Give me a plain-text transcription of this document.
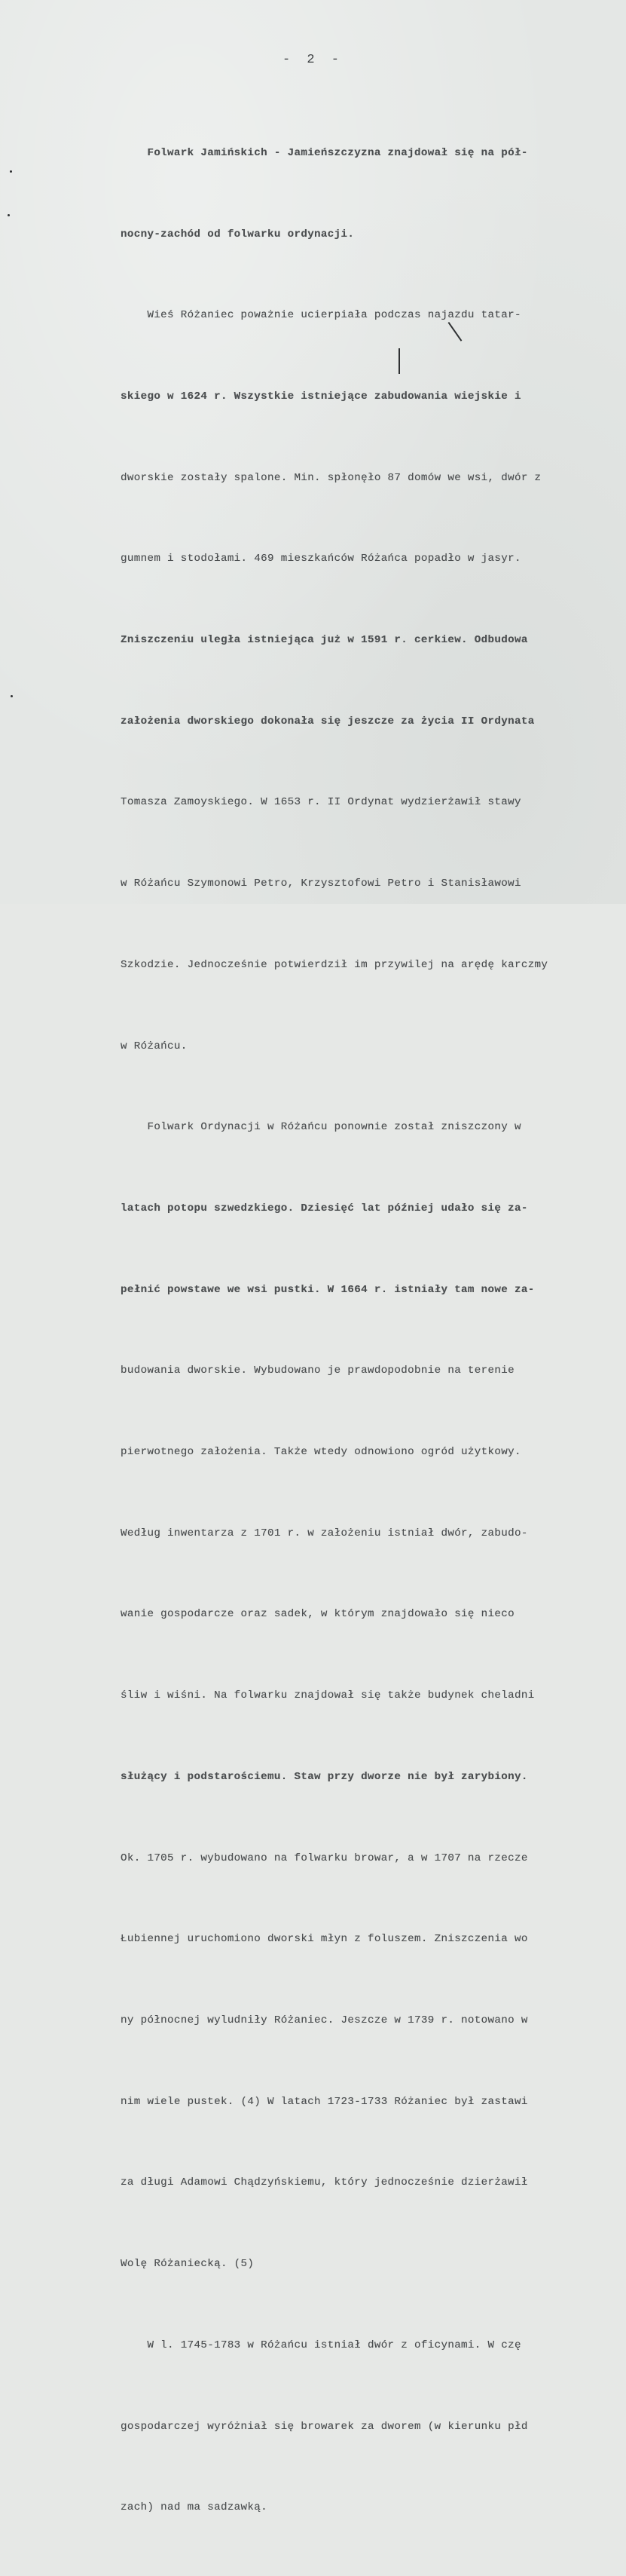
- 2 -

Folwark Jamińskich - Jamieńszczyzna znajdował się na pół-

nocny-zachód od folwarku ordynacji.

Wieś Różaniec poważnie ucierpiała podczas najazdu tatar-

skiego w 1624 r. Wszystkie istniejące zabudowania wiejskie i

dworskie zostały spalone. Min. spłonęło 87 domów we wsi, dwór z

gumnem i stodołami. 469 mieszkańców Różańca popadło w jasyr.

Zniszczeniu uległa istniejąca już w 1591 r. cerkiew. Odbudowa

założenia dworskiego dokonała się jeszcze za życia II Ordynata

Tomasza Zamoyskiego. W 1653 r. II Ordynat wydzierżawił stawy

w Różańcu Szymonowi Petro, Krzysztofowi Petro i Stanisławowi

Szkodzie. Jednocześnie potwierdził im przywilej na arędę karczmy

w Różańcu.

Folwark Ordynacji w Różańcu ponownie został zniszczony w

latach potopu szwedzkiego. Dziesięć lat później udało się za-

pełnić powstawe we wsi pustki. W 1664 r. istniały tam nowe za-

budowania dworskie. Wybudowano je prawdopodobnie na terenie

pierwotnego założenia. Także wtedy odnowiono ogród użytkowy.

Według inwentarza z 1701 r. w założeniu istniał dwór, zabudo-

wanie gospodarcze oraz sadek, w którym znajdowało się nieco

śliw i wiśni. Na folwarku znajdował się także budynek cheladni

służący i podstarościemu. Staw przy dworze nie był zarybiony.

Ok. 1705 r. wybudowano na folwarku browar, a w 1707 na rzecze

Łubiennej uruchomiono dworski młyn z foluszem. Zniszczenia wo

ny północnej wyludniły Różaniec. Jeszcze w 1739 r. notowano w

nim wiele pustek. (4) W latach 1723-1733 Różaniec był zastawi

za długi Adamowi Chądzyńskiemu, który jednocześnie dzierżawił

Wolę Różaniecką. (5)

W l. 1745-1783 w Różańcu istniał dwór z oficynami. W czę

gospodarczej wyróżniał się browarek za dworem (w kierunku płd

zach) nad ma sadzawką.
